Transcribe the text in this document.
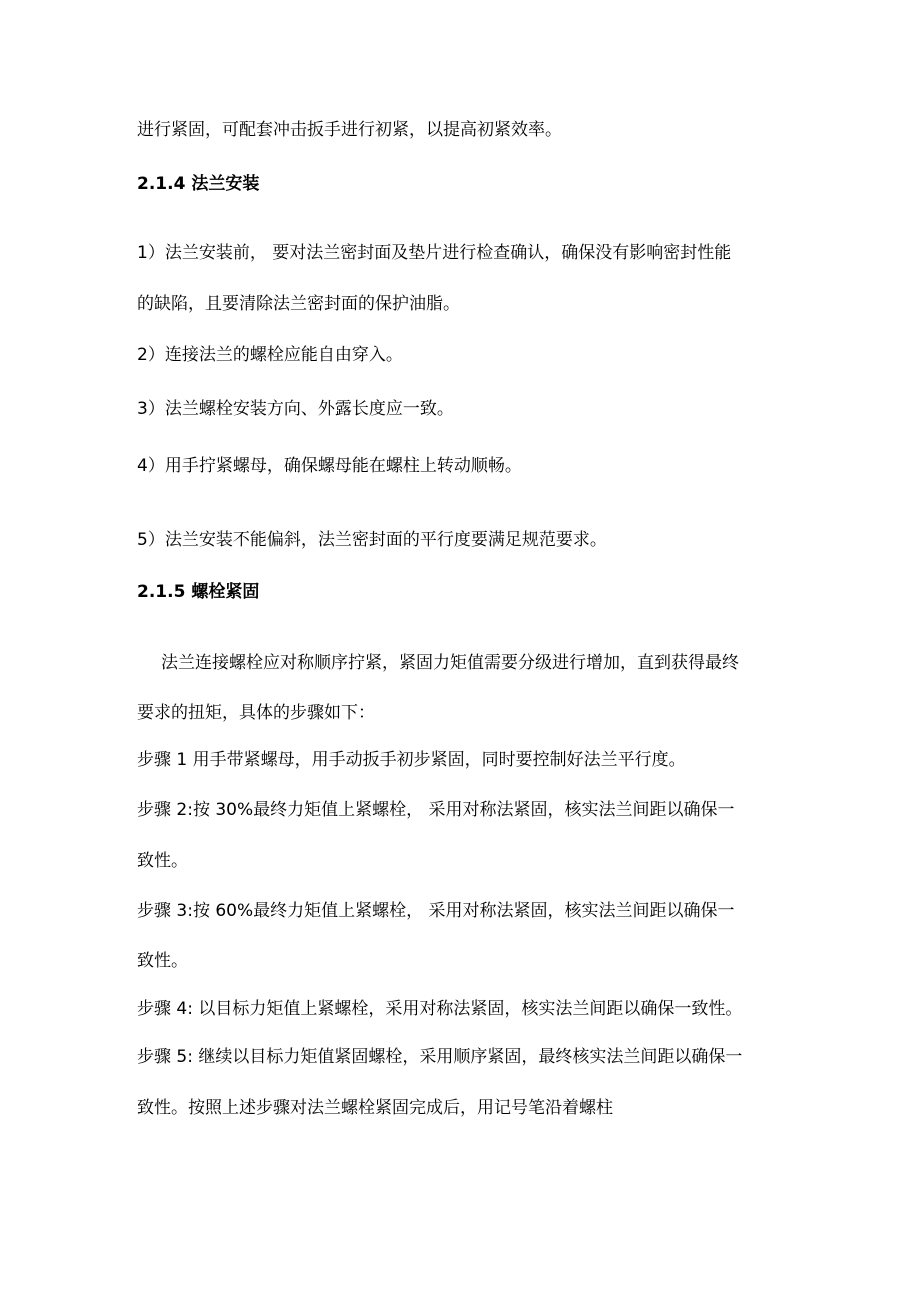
进行紧固，可配套冲击扳手进行初紧，以提高初紧效率。
2.1.4 法兰安装
1）法兰安装前， 要对法兰密封面及垫片进行检查确认，确保没有影响密封性能
的缺陷，且要清除法兰密封面的保护油脂。
2）连接法兰的螺栓应能自由穿入。
3）法兰螺栓安装方向、外露长度应一致。
4）用手拧紧螺母，确保螺母能在螺柱上转动顺畅。
5）法兰安装不能偏斜，法兰密封面的平行度要满足规范要求。
2.1.5 螺栓紧固
法兰连接螺栓应对称顺序拧紧，紧固力矩值需要分级进行增加，直到获得最终
要求的扭矩，具体的步骤如下：
步骤 1 用手带紧螺母，用手动扳手初步紧固，同时要控制好法兰平行度。
步骤 2:按 30%最终力矩值上紧螺栓， 采用对称法紧固，核实法兰间距以确保一
致性。
步骤 3:按 60%最终力矩值上紧螺栓， 采用对称法紧固，核实法兰间距以确保一
致性。
步骤 4: 以目标力矩值上紧螺栓，采用对称法紧固，核实法兰间距以确保一致性。
步骤 5: 继续以目标力矩值紧固螺栓，采用顺序紧固，最终核实法兰间距以确保一
致性。按照上述步骤对法兰螺栓紧固完成后，用记号笔沿着螺柱
